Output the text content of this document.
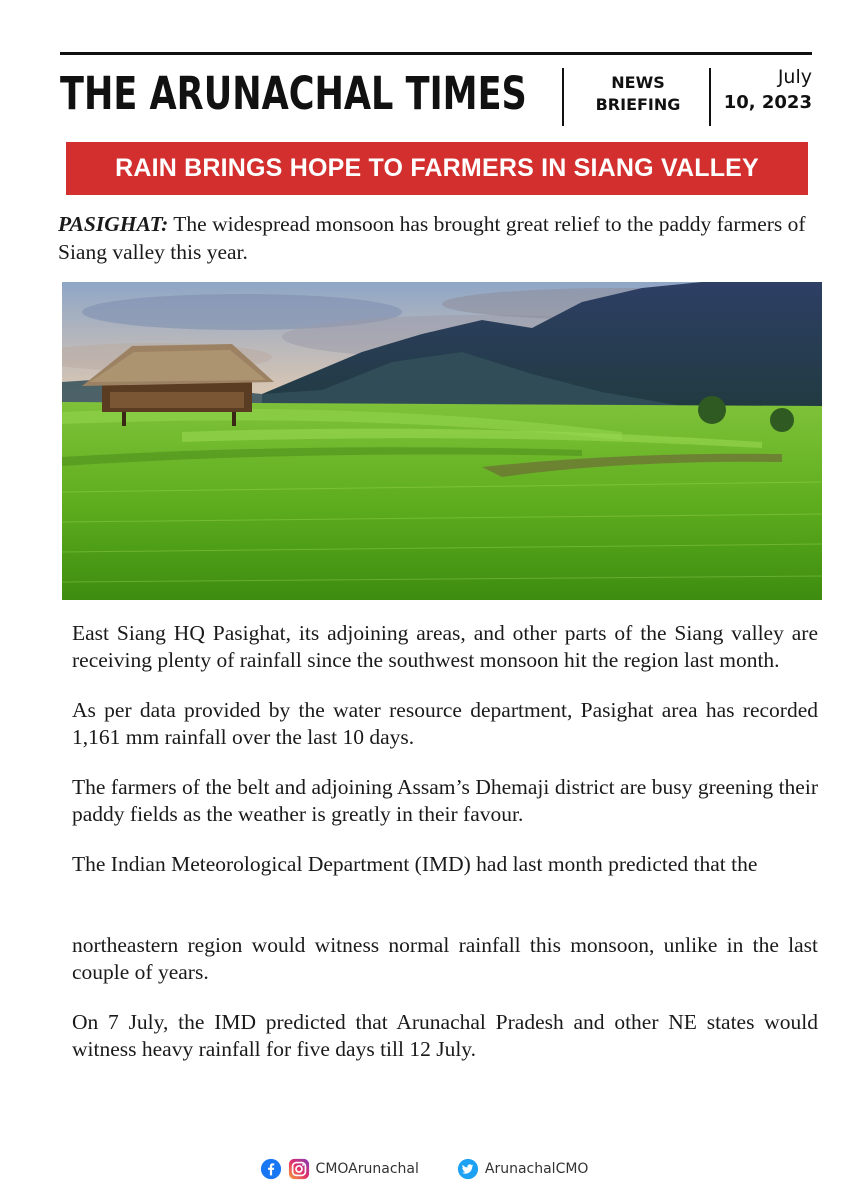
THE ARUNACHAL TIMES	NEWS
BRIEFING
July
10, 2023
RAIN BRINGS HOPE TO FARMERS IN SIANG VALLEY
PASIGHAT: The widespread monsoon has brought great relief to the paddy farmers of Siang valley this year.

East Siang HQ Pasighat, its adjoining areas, and other parts of the Siang valley are receiving plenty of rainfall since the southwest monsoon hit the region last month.

As per data provided by the water resource department, Pasighat area has recorded 1,161 mm rainfall over the last 10 days.

The farmers of the belt and adjoining Assam’s Dhemaji district are busy greening their paddy fields as the weather is greatly in their favour.

The Indian Meteorological Department (IMD) had last month predicted that the

northeastern region would witness normal rainfall this monsoon, unlike in the last couple of years.

On 7 July, the IMD predicted that Arunachal Pradesh and other NE states would witness heavy rainfall for five days till 12 July.

CMOArunachal	ArunachalCMO
